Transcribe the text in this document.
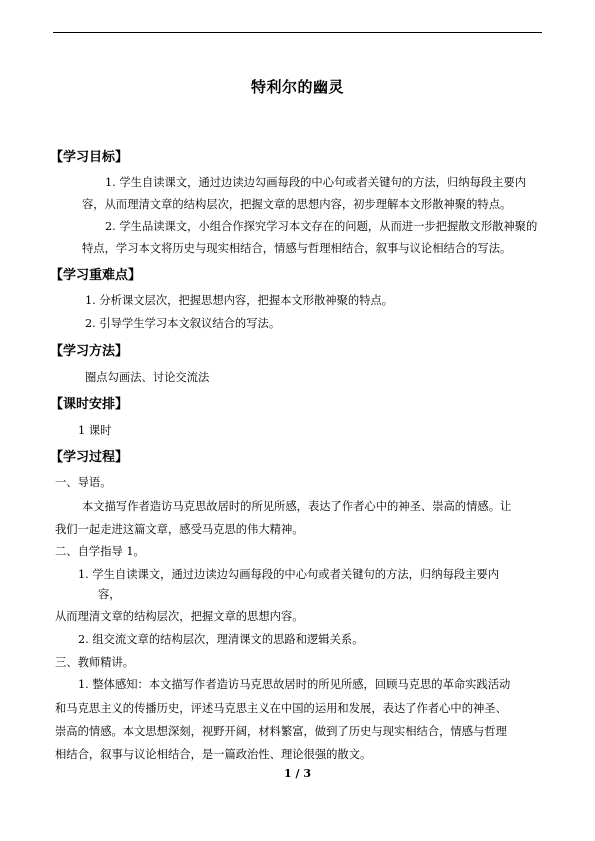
特利尔的幽灵
【学习目标】
1. 学生自读课文，通过边读边勾画每段的中心句或者关键句的方法，归纳每段主要内
容，从而理清文章的结构层次，把握文章的思想内容，初步理解本文形散神聚的特点。
2. 学生品读课文，小组合作探究学习本文存在的问题，从而进一步把握散文形散神聚的
特点，学习本文将历史与现实相结合，情感与哲理相结合，叙事与议论相结合的写法。
【学习重难点】
1. 分析课文层次，把握思想内容，把握本文形散神聚的特点。
2. 引导学生学习本文叙议结合的写法。
【学习方法】
圈点勾画法、讨论交流法
【课时安排】
1 课时
【学习过程】
一、导语。
本文描写作者造访马克思故居时的所见所感，表达了作者心中的神圣、崇高的情感。让
我们一起走进这篇文章，感受马克思的伟大精神。
二、自学指导 1。
1. 学生自读课文，通过边读边勾画每段的中心句或者关键句的方法，归纳每段主要内
容，
从而理清文章的结构层次，把握文章的思想内容。
2. 组交流文章的结构层次，理清课文的思路和逻辑关系。
三、教师精讲。
1. 整体感知：本文描写作者造访马克思故居时的所见所感，回顾马克思的革命实践活动
和马克思主义的传播历史，评述马克思主义在中国的运用和发展，表达了作者心中的神圣、
崇高的情感。本文思想深刻，视野开阔，材料繁富，做到了历史与现实相结合，情感与哲理
相结合，叙事与议论相结合，是一篇政治性、理论很强的散文。
1 / 3
